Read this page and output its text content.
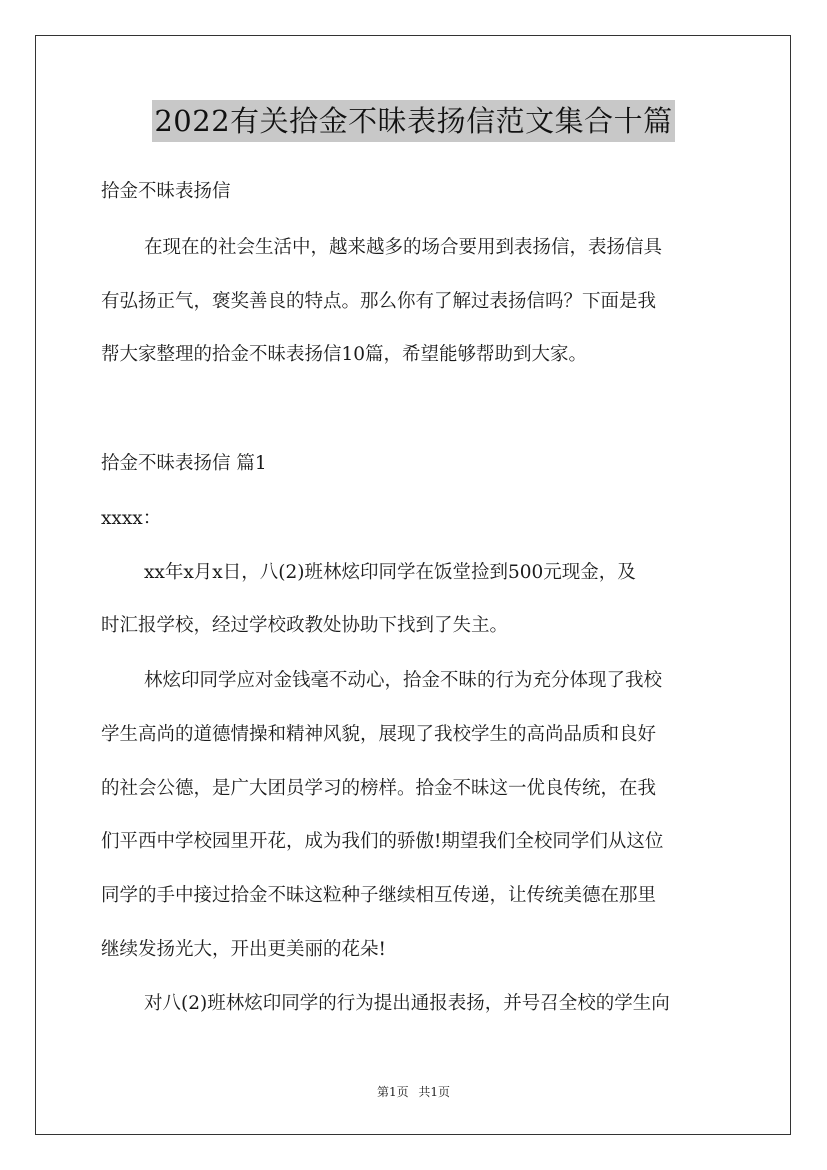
2022有关拾金不昧表扬信范文集合十篇
拾金不昧表扬信
在现在的社会生活中，越来越多的场合要用到表扬信，表扬信具
有弘扬正气，褒奖善良的特点。那么你有了解过表扬信吗？下面是我
帮大家整理的拾金不昧表扬信10篇，希望能够帮助到大家。
拾金不昧表扬信 篇1
xxxx：
xx年x月x日，八(2)班林炫印同学在饭堂捡到500元现金，及
时汇报学校，经过学校政教处协助下找到了失主。
林炫印同学应对金钱毫不动心，拾金不昧的行为充分体现了我校
学生高尚的道德情操和精神风貌，展现了我校学生的高尚品质和良好
的社会公德，是广大团员学习的榜样。拾金不昧这一优良传统，在我
们平西中学校园里开花，成为我们的骄傲!期望我们全校同学们从这位
同学的手中接过拾金不昧这粒种子继续相互传递，让传统美德在那里
继续发扬光大，开出更美丽的花朵!
对八(2)班林炫印同学的行为提出通报表扬，并号召全校的学生向
第1页 共1页
